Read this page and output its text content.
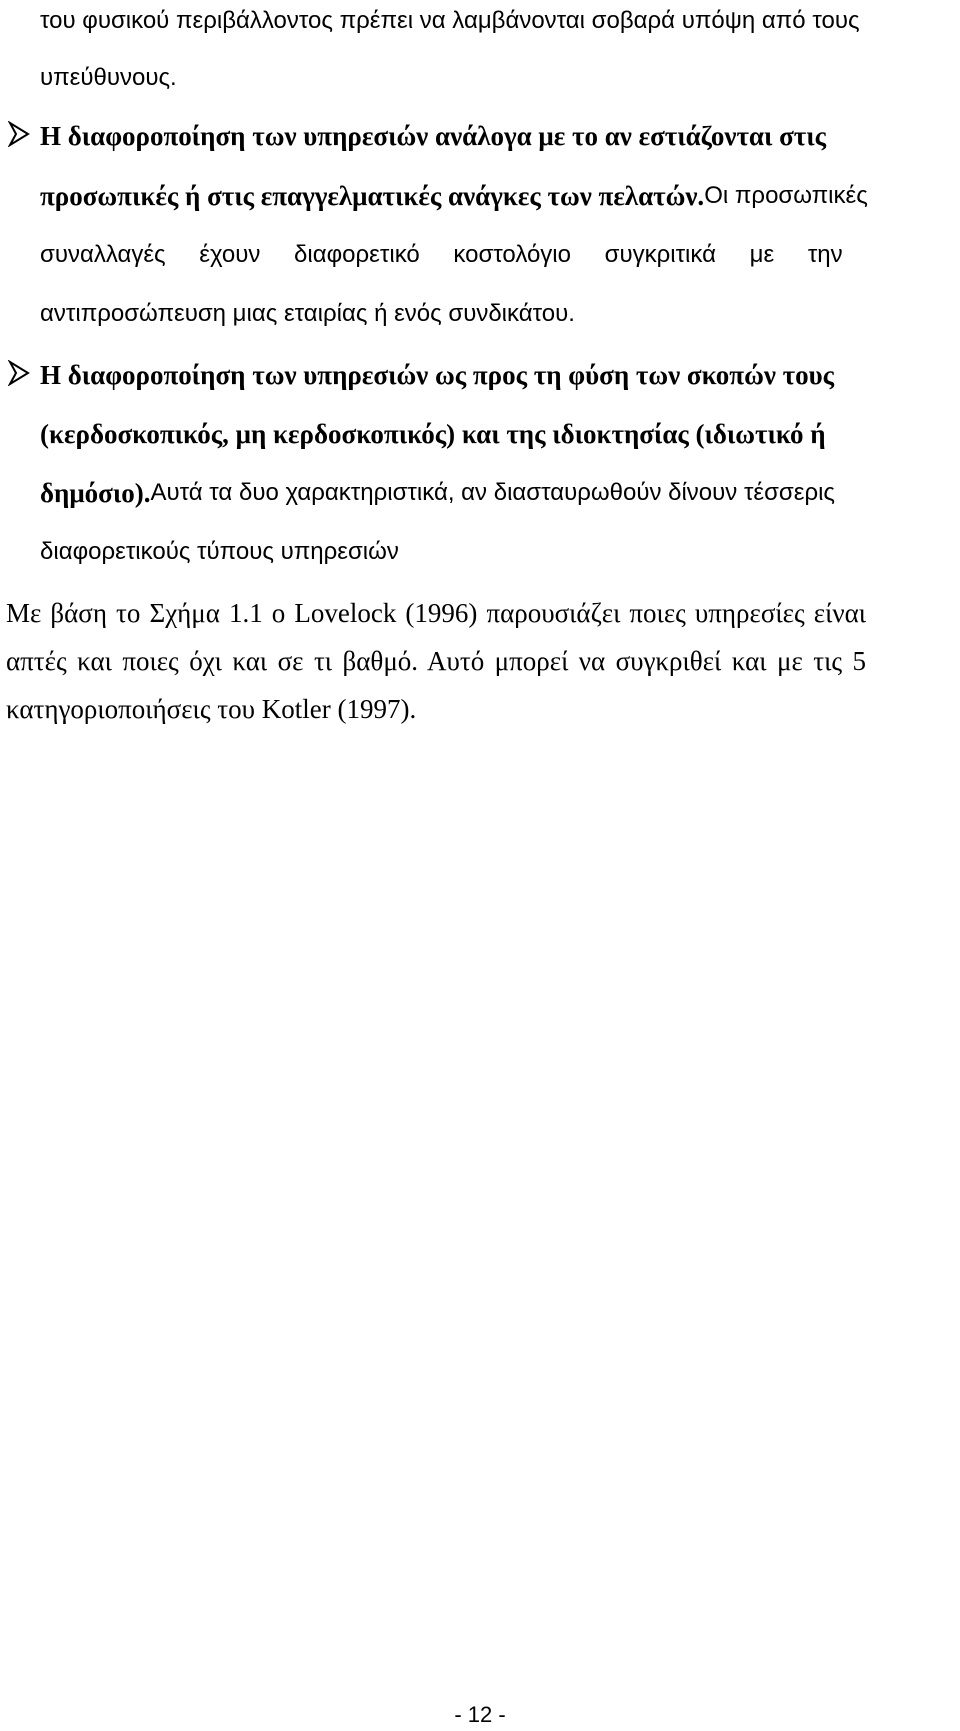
του φυσικού περιβάλλοντος πρέπει να λαμβάνονται σοβαρά υπόψη από τους
υπεύθυνους.
Η διαφοροποίηση των υπηρεσιών ανάλογα με το αν εστιάζονται στις
προσωπικές ή στις επαγγελματικές ανάγκες των πελατών. Οι προσωπικές
συναλλαγές έχουν διαφορετικό κοστολόγιο συγκριτικά με την
αντιπροσώπευση μιας εταιρίας ή ενός συνδικάτου.
Η διαφοροποίηση των υπηρεσιών ως προς τη φύση των σκοπών τους
(κερδοσκοπικός, μη κερδοσκοπικός) και της ιδιοκτησίας (ιδιωτικό ή
δημόσιο). Αυτά τα δυο χαρακτηριστικά, αν διασταυρωθούν δίνουν τέσσερις
διαφορετικούς τύπους υπηρεσιών
Με βάση το Σχήμα 1.1 ο Lovelock (1996) παρουσιάζει ποιες υπηρεσίες είναι
απτές και ποιες όχι και σε τι βαθμό. Αυτό μπορεί να συγκριθεί και με τις 5
κατηγοριοποιήσεις του Kotler (1997).
- 12 -
